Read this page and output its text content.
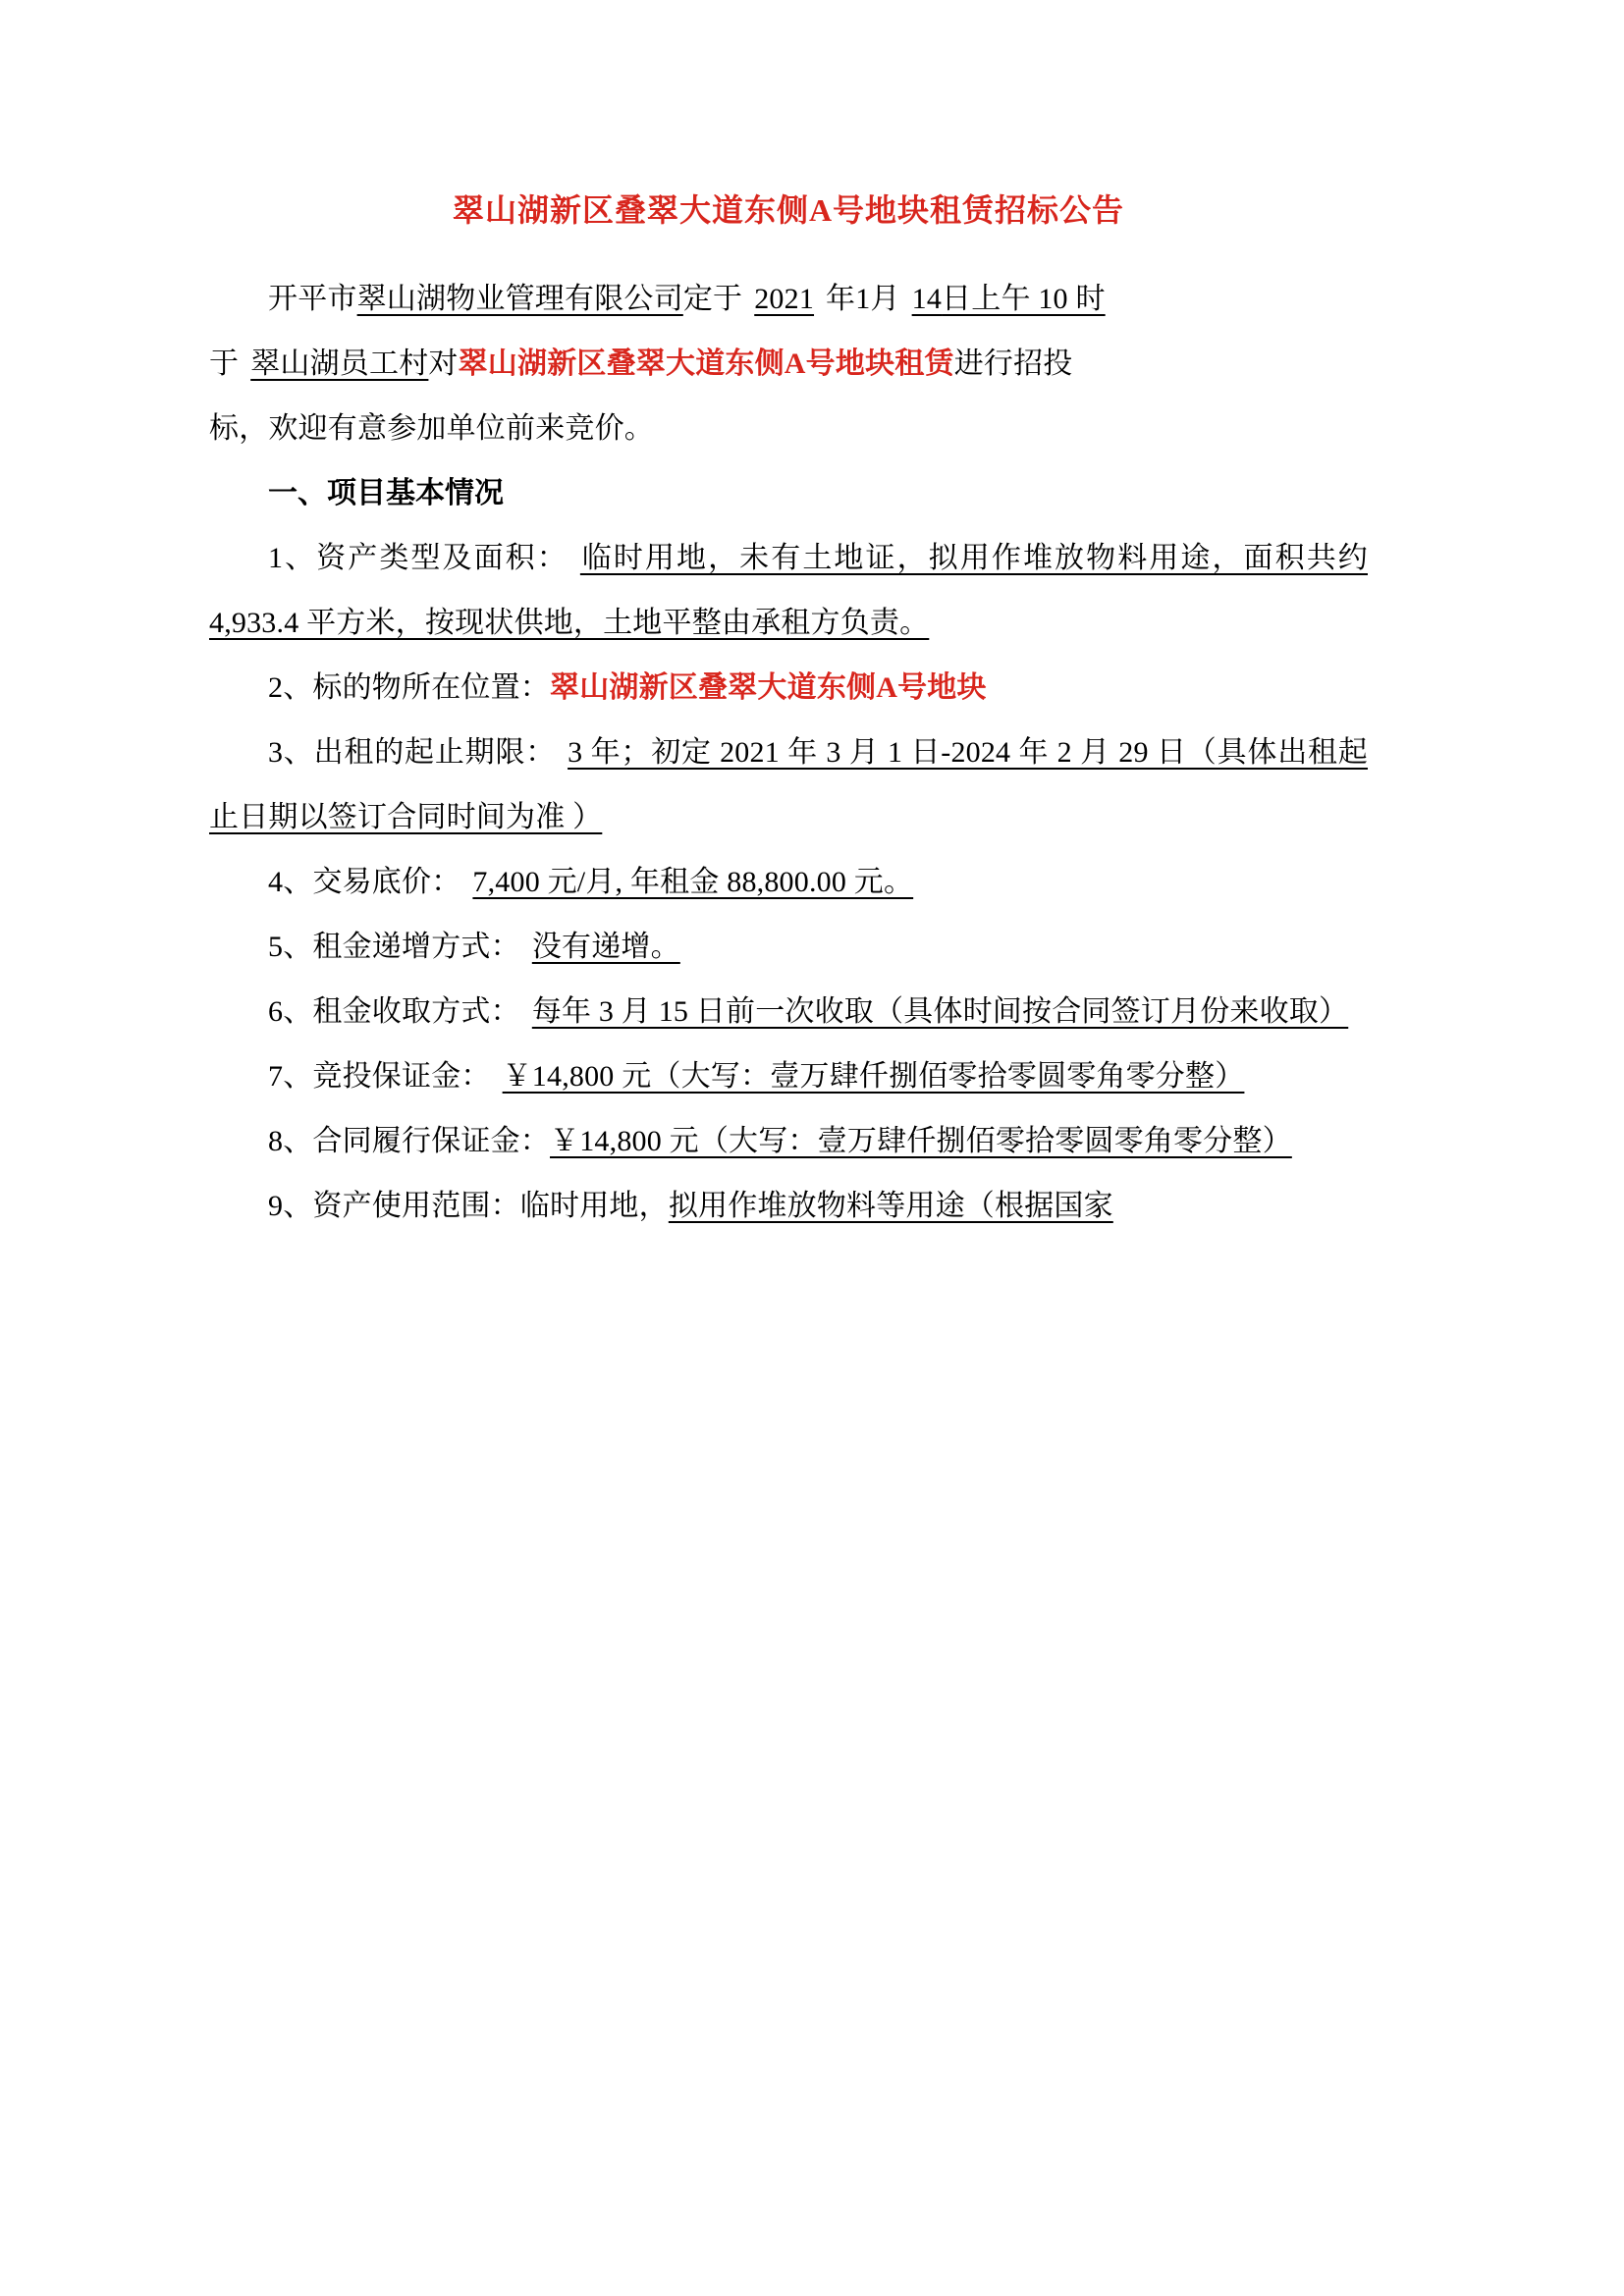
翠山湖新区叠翠大道东侧A号地块租赁招标公告

开平市翠山湖物业管理有限公司定于 2021 年1月 14日上午 10 时
于 翠山湖员工村对翠山湖新区叠翠大道东侧A号地块租赁进行招投
标，欢迎有意参加单位前来竞价。

一、项目基本情况

1、资产类型及面积： 临时用地，未有土地证，拟用作堆放物料用途，面积共约 4,933.4 平方米，按现状供地，土地平整由承租方负责。

2、标的物所在位置：翠山湖新区叠翠大道东侧A号地块

3、出租的起止期限： 3 年；初定 2021 年 3 月 1 日-2024 年 2 月 29 日（具体出租起止日期以签订合同时间为准 ）

4、交易底价： 7,400 元/月, 年租金 88,800.00 元。

5、租金递增方式： 没有递增。

6、租金收取方式： 每年 3 月 15 日前一次收取（具体时间按合同签订月份来收取）

7、竞投保证金： ￥14,800 元（大写：壹万肆仟捌佰零拾零圆零角零分整）

8、合同履行保证金：￥14,800 元（大写：壹万肆仟捌佰零拾零圆零角零分整）

9、资产使用范围：临时用地，拟用作堆放物料等用途（根据国家
